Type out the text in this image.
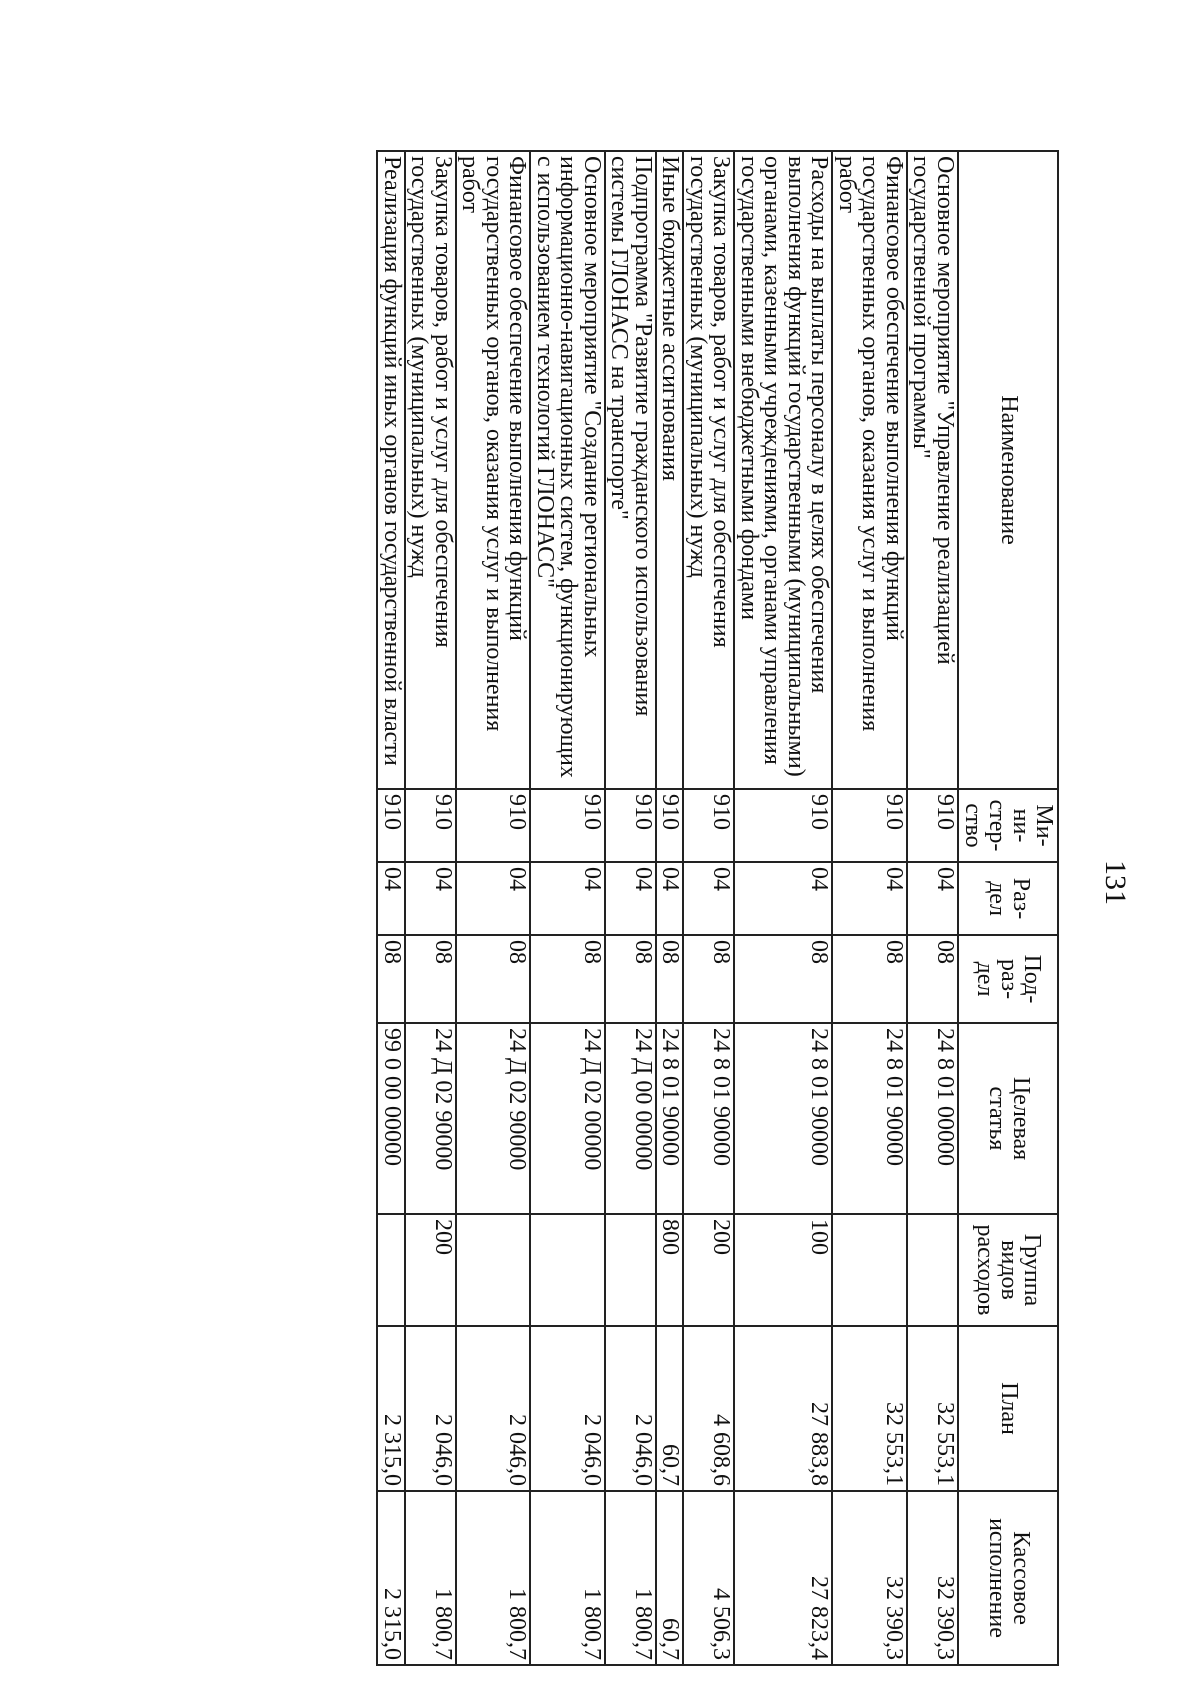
131
Наименование	Ми-
ни-
стер-
ство	Раз-
дел	Под-
раз-
дел	Целевая
статья	Группа
видов
расходов	План	Кассовое
исполнение
Основное мероприятие "Управление реализацией государственной программы"	910	04	08	24 8 01 00000		32 553,1	32 390,3
Финансовое обеспечение выполнения функций государственных органов, оказания услуг и выполнения работ	910	04	08	24 8 01 90000		32 553,1	32 390,3
Расходы на выплаты персоналу в целях обеспечения выполнения функций государственными (муниципальными) органами, казенными учреждениями, органами управления государственными внебюджетными фондами	910	04	08	24 8 01 90000	100	27 883,8	27 823,4
Закупка товаров, работ и услуг для обеспечения государственных (муниципальных) нужд	910	04	08	24 8 01 90000	200	4 608,6	4 506,3
Иные бюджетные ассигнования	910	04	08	24 8 01 90000	800	60,7	60,7
Подпрограмма "Развитие гражданского использования системы ГЛОНАСС на транспорте"	910	04	08	24 Д 00 00000		2 046,0	1 800,7
Основное мероприятие "Создание региональных информационно-навигационных систем, функционирующих с использованием технологий ГЛОНАСС"	910	04	08	24 Д 02 00000		2 046,0	1 800,7
Финансовое обеспечение выполнения функций государственных органов, оказания услуг и выполнения работ	910	04	08	24 Д 02 90000		2 046,0	1 800,7
Закупка товаров, работ и услуг для обеспечения государственных (муниципальных) нужд	910	04	08	24 Д 02 90000	200	2 046,0	1 800,7
Реализация функций иных органов государственной власти	910	04	08	99 0 00 00000		2 315,0	2 315,0
